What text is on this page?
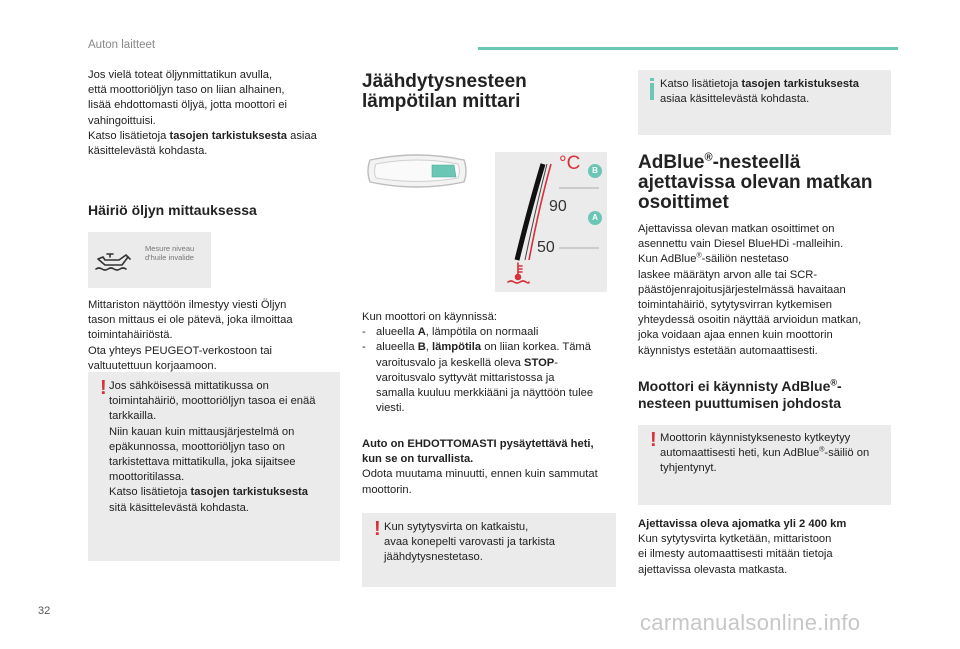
Auton laitteet

Jos vielä toteat öljynmittatikun avulla,

että moottoriöljyn taso on liian alhainen,

lisää ehdottomasti öljyä, jotta moottori ei

vahingoittuisi.

Katso lisätietoja tasojen tarkistuksesta asiaa

käsittelevästä kohdasta.

Häiriö öljyn mittauksessa
Mesure niveau
d'huile invalide

Mittariston näyttöön ilmestyy viesti Öljyn

tason mittaus ei ole pätevä, joka ilmoittaa

toimintahäiriöstä.

Ota yhteys PEUGEOT-verkostoon tai

valtuutettuun korjaamoon.

! Jos sähköisessä mittatikussa on

toimintahäiriö, moottoriöljyn tasoa ei enää

tarkkailla.

Niin kauan kuin mittausjärjestelmä on

epäkunnossa, moottoriöljyn taso on

tarkistettava mittatikulla, joka sijaitsee

moottoritilassa.

Katso lisätietoja tasojen tarkistuksesta

sitä käsittelevästä kohdasta.

Jäähdytysnesteen
lämpötilan mittari
°C
90
50
B
A

Kun moottori on käynnissä:

- alueella A, lämpötila on normaali
- alueella B, lämpötila on liian korkea. Tämä
varoitusvalo ja keskellä oleva STOP-
varoitusvalo syttyvät mittaristossa ja
samalla kuuluu merkkiääni ja näyttöön tulee
viesti.

Auto on EHDOTTOMASTI pysäytettävä heti,

kun se on turvallista.

Odota muutama minuutti, ennen kuin sammutat

moottorin.

! Kun sytytysvirta on katkaistu,

avaa konepelti varovasti ja tarkista

jäähdytysnestetaso.

Katso lisätietoja tasojen tarkistuksesta

asiaa käsittelevästä kohdasta.

AdBlue®-nesteellä
ajettavissa olevan matkan
osoittimet

Ajettavissa olevan matkan osoittimet on

asennettu vain Diesel BlueHDi -malleihin.

Kun AdBlue®-säiliön nestetaso

laskee määrätyn arvon alle tai SCR-

päästöjenrajoitusjärjestelmässä havaitaan

toimintahäiriö, sytytysvirran kytkemisen

yhteydessä osoitin näyttää arvioidun matkan,

joka voidaan ajaa ennen kuin moottorin

käynnistys estetään automaattisesti.

Moottori ei käynnisty AdBlue®-
nesteen puuttumisen johdosta
! Moottorin käynnistyksenesto kytkeytyy

automaattisesti heti, kun AdBlue®-säiliö on

tyhjentynyt.

Ajettavissa oleva ajomatka yli 2 400 km

Kun sytytysvirta kytketään, mittaristoon

ei ilmesty automaattisesti mitään tietoja

ajettavissa olevasta matkasta.

32	carmanualsonline.info
